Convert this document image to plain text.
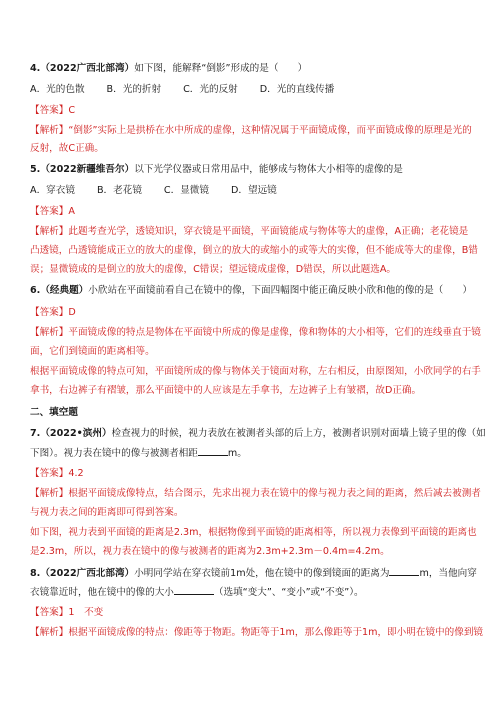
4.（2022广西北部湾）如下图，能解释“倒影”形成的是（　　）
A．光的色散 B．光的折射 C．光的反射 D．光的直线传播
【答案】C
【解析】“倒影”实际上是拱桥在水中所成的虚像，这种情况属于平面镜成像，而平面镜成像的原理是光的
反射，故C正确。
5.（2022新疆维吾尔）以下光学仪器或日常用品中，能够成与物体大小相等的虚像的是
A．穿衣镜 B．老花镜 C．显微镜 D．望远镜
【答案】A
【解析】此题考查光学，透镜知识，穿衣镜是平面镜，平面镜能成与物体等大的虚像，A正确；老花镜是
凸透镜，凸透镜能成正立的放大的虚像，倒立的放大的或缩小的或等大的实像，但不能成等大的虚像，B错
误；显微镜成的是倒立的放大的虚像，C错误；望远镜成虚像，D错误，所以此题选A。
6.（经典题）小欣站在平面镜前看自己在镜中的像，下面四幅图中能正确反映小欣和他的像的是（　　）
【答案】D
【解析】平面镜成像的特点是物体在平面镜中所成的像是虚像，像和物体的大小相等，它们的连线垂直于镜
面，它们到镜面的距离相等。
根据平面镜成像的特点可知，平面镜所成的像与物体关于镜面对称，左右相反，由原图知，小欣同学的右手
拿书，右边裤子有褶皱，那么平面镜中的人应该是左手拿书，左边裤子上有皱褶，故D正确。
二、填空题
7.（2022•滨州）检查视力的时候，视力表放在被测者头部的后上方，被测者识别对面墙上镜子里的像（如
下图）。视力表在镜中的像与被测者相距	m。
【答案】4.2
【解析】根据平面镜成像特点，结合图示，先求出视力表在镜中的像与视力表之间的距离，然后减去被测者
与视力表之间的距离即可得到答案。
如下图，视力表到平面镜的距离是2.3m，根据物像到平面镜的距离相等，所以视力表像到平面镜的距离也
是2.3m，所以，视力表在镜中的像与被测者的距离为2.3m+2.3m－0.4m=4.2m。
8.（2022广西北部湾）小明同学站在穿衣镜前1m处，他在镜中的像到镜面的距离为	m，当他向穿
衣镜靠近时，他在镜中的像的大小	（选填“变大”、“变小”或“不变”）。
【答案】1　不变
【解析】根据平面镜成像的特点：像距等于物距。物距等于1m，那么像距等于1m，即小明在镜中的像到镜
